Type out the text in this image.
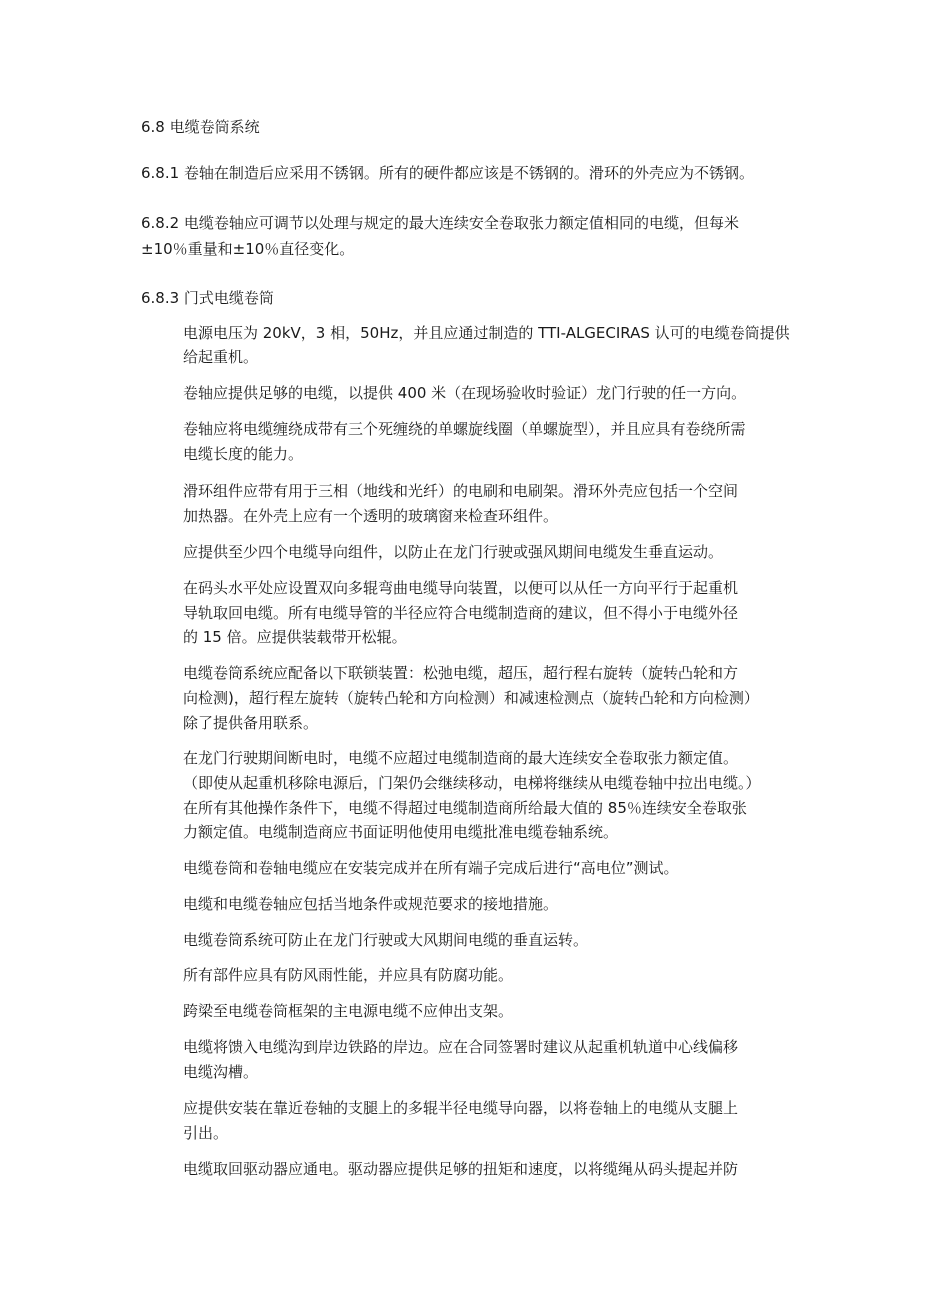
6.8 电缆卷筒系统

6.8.1 卷轴在制造后应采用不锈钢。所有的硬件都应该是不锈钢的。滑环的外壳应为不锈钢。

6.8.2 电缆卷轴应可调节以处理与规定的最大连续安全卷取张力额定值相同的电缆，但每米

±10％重量和±10％直径变化。

6.8.3 门式电缆卷筒

电源电压为 20kV，3 相，50Hz，并且应通过制造的 TTI-ALGECIRAS 认可的电缆卷筒提供

给起重机。

卷轴应提供足够的电缆，以提供 400 米（在现场验收时验证）龙门行驶的任一方向。

卷轴应将电缆缠绕成带有三个死缠绕的单螺旋线圈（单螺旋型），并且应具有卷绕所需

电缆长度的能力。

滑环组件应带有用于三相（地线和光纤）的电刷和电刷架。滑环外壳应包括一个空间

加热器。在外壳上应有一个透明的玻璃窗来检查环组件。

应提供至少四个电缆导向组件，以防止在龙门行驶或强风期间电缆发生垂直运动。

在码头水平处应设置双向多辊弯曲电缆导向装置，以便可以从任一方向平行于起重机

导轨取回电缆。所有电缆导管的半径应符合电缆制造商的建议，但不得小于电缆外径

的 15 倍。应提供装载带开松辊。

电缆卷筒系统应配备以下联锁装置：松弛电缆，超压，超行程右旋转（旋转凸轮和方

向检测)，超行程左旋转（旋转凸轮和方向检测）和减速检测点（旋转凸轮和方向检测）

除了提供备用联系。

在龙门行驶期间断电时，电缆不应超过电缆制造商的最大连续安全卷取张力额定值。

（即使从起重机移除电源后，门架仍会继续移动，电梯将继续从电缆卷轴中拉出电缆。）

在所有其他操作条件下，电缆不得超过电缆制造商所给最大值的 85％连续安全卷取张

力额定值。电缆制造商应书面证明他使用电缆批准电缆卷轴系统。

电缆卷筒和卷轴电缆应在安装完成并在所有端子完成后进行“高电位”测试。

电缆和电缆卷轴应包括当地条件或规范要求的接地措施。

电缆卷筒系统可防止在龙门行驶或大风期间电缆的垂直运转。

所有部件应具有防风雨性能，并应具有防腐功能。

跨梁至电缆卷筒框架的主电源电缆不应伸出支架。

电缆将馈入电缆沟到岸边铁路的岸边。应在合同签署时建议从起重机轨道中心线偏移

电缆沟槽。

应提供安装在靠近卷轴的支腿上的多辊半径电缆导向器，以将卷轴上的电缆从支腿上

引出。

电缆取回驱动器应通电。驱动器应提供足够的扭矩和速度，以将缆绳从码头提起并防
